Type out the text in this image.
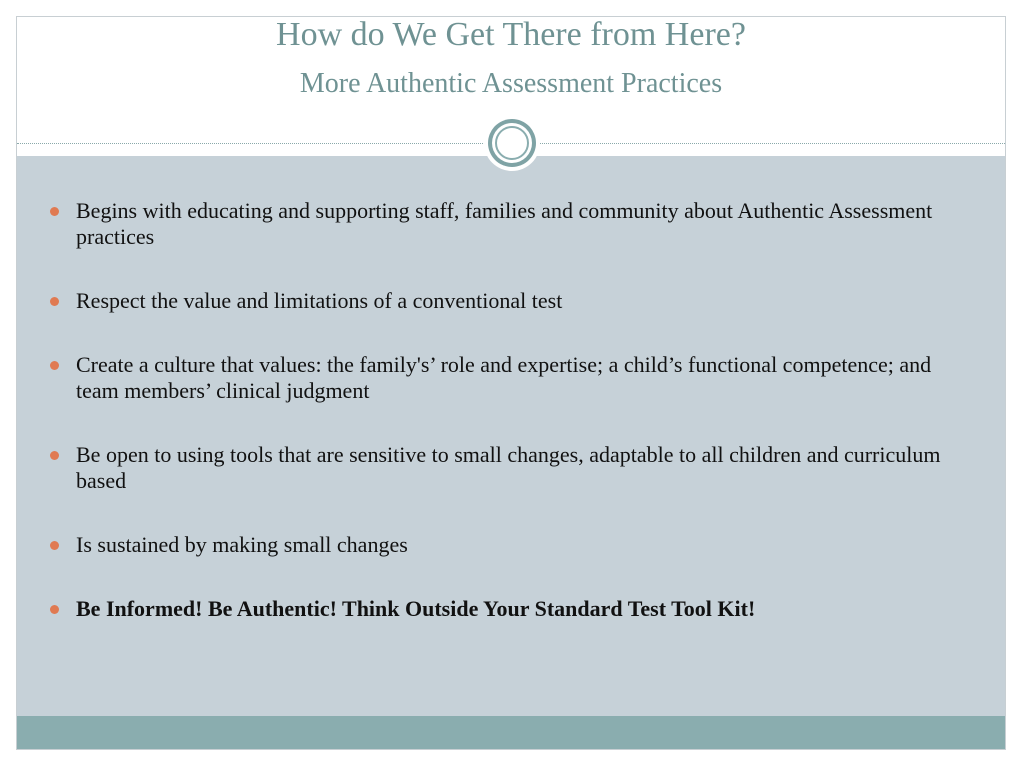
How do We Get There from Here?
More Authentic Assessment Practices
Begins with educating and supporting staff, families and community about Authentic Assessment practices
Respect the value and limitations of a conventional test
Create a culture that values: the family's’ role and expertise; a child’s functional competence; and team members’ clinical judgment
Be open to using tools that are sensitive to small changes, adaptable to all children and curriculum based
Is sustained by making small changes
Be Informed! Be Authentic! Think Outside Your Standard Test Tool Kit!
